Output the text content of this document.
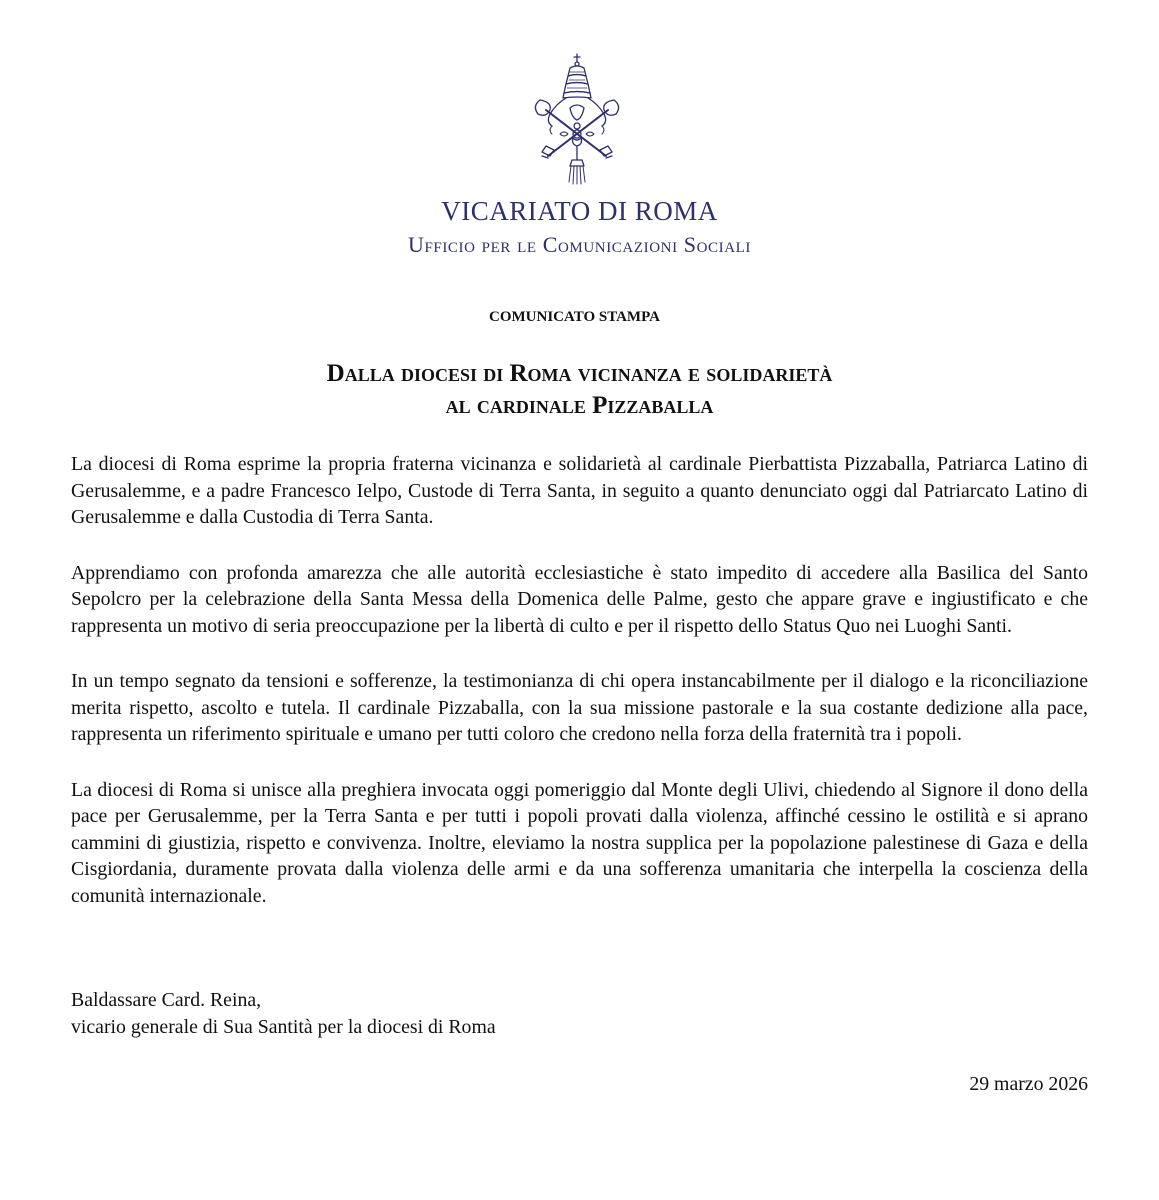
VICARIATO DI ROMA
Ufficio per le Comunicazioni Sociali
COMUNICATO STAMPA
Dalla diocesi di Roma vicinanza e solidarietà
al cardinale Pizzaballa

La diocesi di Roma esprime la propria fraterna vicinanza e solidarietà al cardinale Pierbattista Pizzaballa, Patriarca Latino di Gerusalemme, e a padre Francesco Ielpo, Custode di Terra Santa, in seguito a quanto denunciato oggi dal Patriarcato Latino di Gerusalemme e dalla Custodia di Terra Santa.

Apprendiamo con profonda amarezza che alle autorità ecclesiastiche è stato impedito di accedere alla Basilica del Santo Sepolcro per la celebrazione della Santa Messa della Domenica delle Palme, gesto che appare grave e ingiustificato e che rappresenta un motivo di seria preoccupazione per la libertà di culto e per il rispetto dello Status Quo nei Luoghi Santi.

In un tempo segnato da tensioni e sofferenze, la testimonianza di chi opera instancabilmente per il dialogo e la riconciliazione merita rispetto, ascolto e tutela. Il cardinale Pizzaballa, con la sua missione pastorale e la sua costante dedizione alla pace, rappresenta un riferimento spirituale e umano per tutti coloro che credono nella forza della fraternità tra i popoli.

La diocesi di Roma si unisce alla preghiera invocata oggi pomeriggio dal Monte degli Ulivi, chiedendo al Signore il dono della pace per Gerusalemme, per la Terra Santa e per tutti i popoli provati dalla violenza, affinché cessino le ostilità e si aprano cammini di giustizia, rispetto e convivenza. Inoltre, eleviamo la nostra supplica per la popolazione palestinese di Gaza e della Cisgiordania, duramente provata dalla violenza delle armi e da una sofferenza umanitaria che interpella la coscienza della comunità internazionale.

Baldassare Card. Reina,
vicario generale di Sua Santità per la diocesi di Roma
29 marzo 2026
